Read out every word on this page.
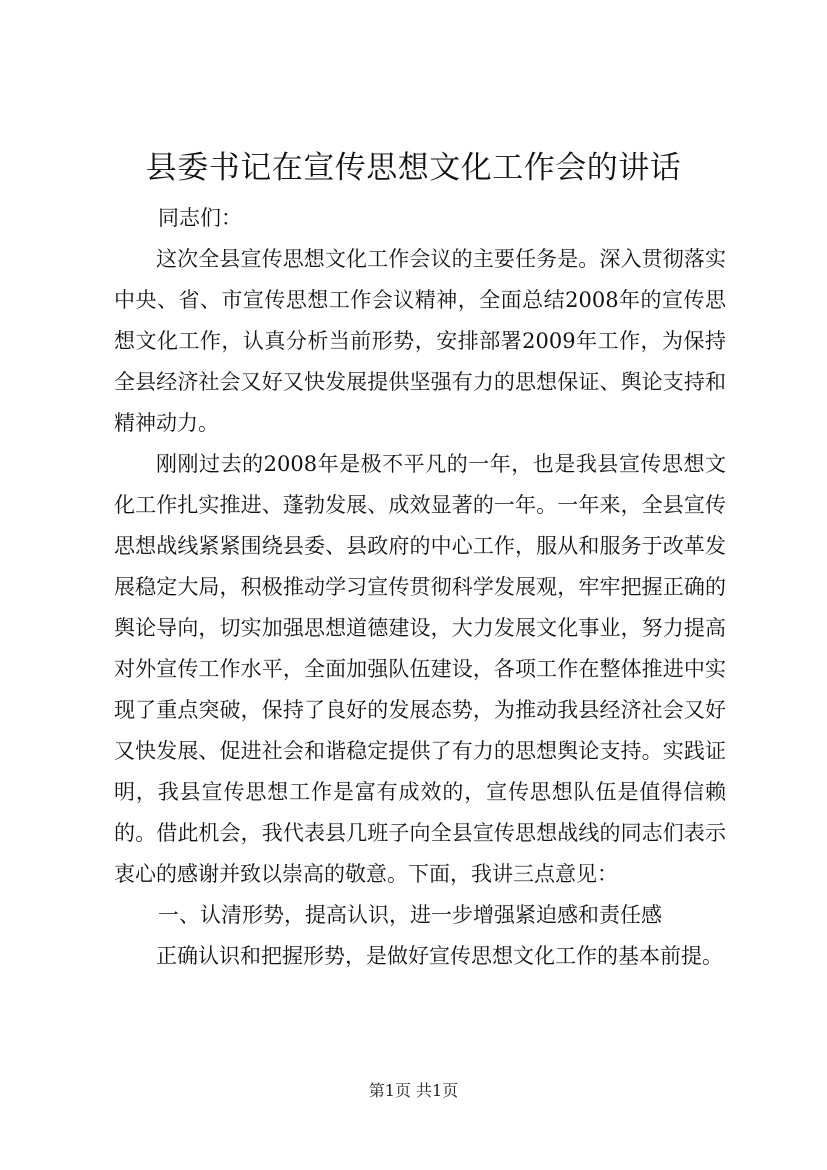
县委书记在宣传思想文化工作会的讲话

同志们：

这次全县宣传思想文化工作会议的主要任务是。深入贯彻落实中央、省、市宣传思想工作会议精神，全面总结2008年的宣传思想文化工作，认真分析当前形势，安排部署2009年工作，为保持全县经济社会又好又快发展提供坚强有力的思想保证、舆论支持和精神动力。

刚刚过去的2008年是极不平凡的一年，也是我县宣传思想文化工作扎实推进、蓬勃发展、成效显著的一年。一年来，全县宣传思想战线紧紧围绕县委、县政府的中心工作，服从和服务于改革发展稳定大局，积极推动学习宣传贯彻科学发展观，牢牢把握正确的舆论导向，切实加强思想道德建设，大力发展文化事业，努力提高对外宣传工作水平，全面加强队伍建设，各项工作在整体推进中实现了重点突破，保持了良好的发展态势，为推动我县经济社会又好又快发展、促进社会和谐稳定提供了有力的思想舆论支持。实践证明，我县宣传思想工作是富有成效的，宣传思想队伍是值得信赖的。借此机会，我代表县几班子向全县宣传思想战线的同志们表示衷心的感谢并致以崇高的敬意。下面，我讲三点意见：

一、认清形势，提高认识，进一步增强紧迫感和责任感

正确认识和把握形势，是做好宣传思想文化工作的基本前提。

第1页 共1页
